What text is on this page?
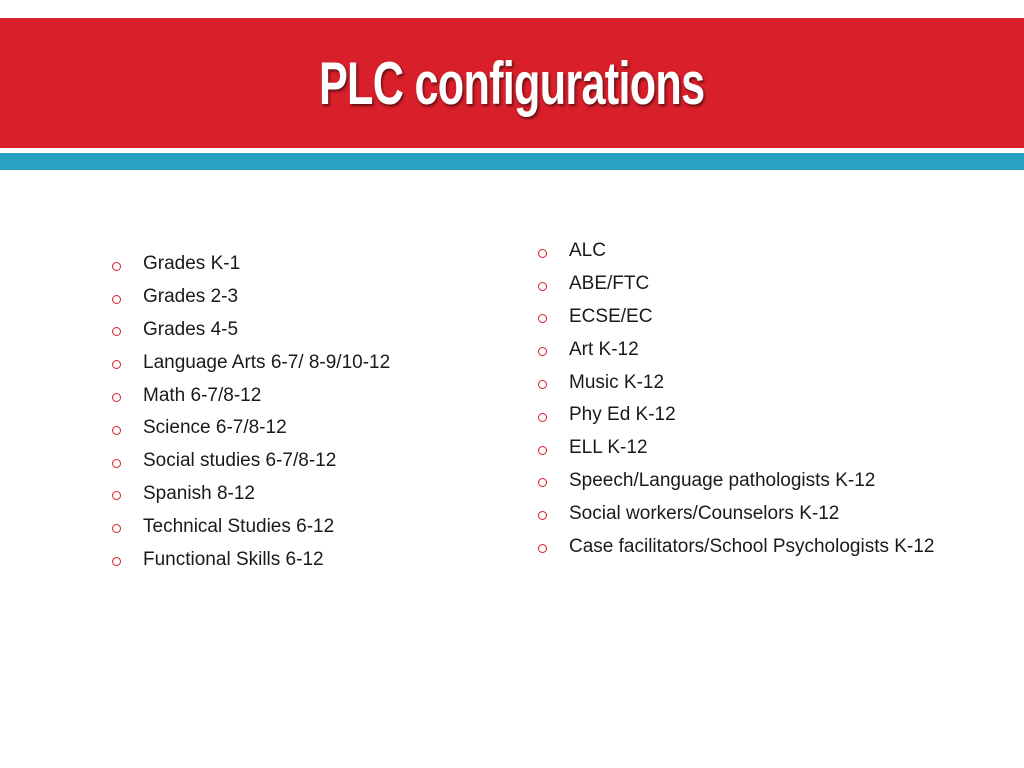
PLC configurations
Grades K-1
Grades 2-3
Grades 4-5
Language Arts 6-7/ 8-9/10-12
Math 6-7/8-12
Science 6-7/8-12
Social studies 6-7/8-12
Spanish 8-12
Technical Studies 6-12
Functional Skills 6-12
ALC
ABE/FTC
ECSE/EC
Art K-12
Music K-12
Phy Ed K-12
ELL K-12
Speech/Language pathologists K-12
Social workers/Counselors K-12
Case facilitators/School Psychologists K-12
